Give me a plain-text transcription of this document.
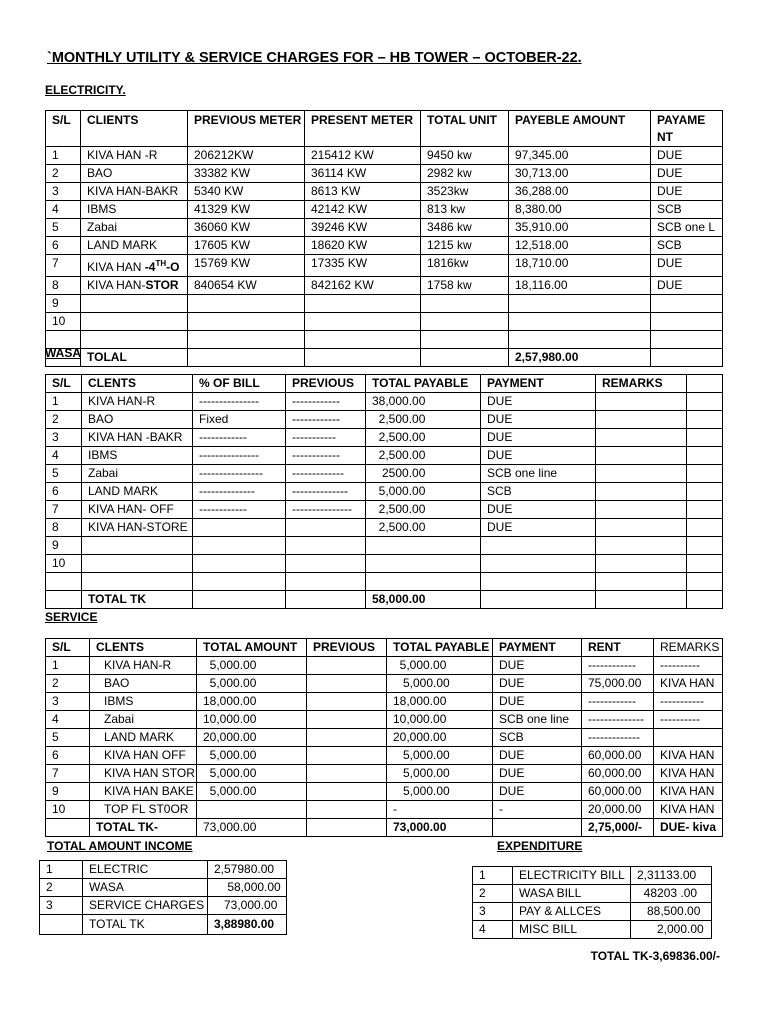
`MONTHLY UTILITY & SERVICE CHARGES FOR – HB TOWER – OCTOBER-22.
ELECTRICITY.
S/L	CLIENTS	PREVIOUS METER	PRESENT METER	TOTAL UNIT	PAYEBLE AMOUNT	PAYAME NT
1	KIVA HAN -R	206212KW	215412 KW	9450 kw	97,345.00	DUE
2	BAO	33382 KW	36114 KW	2982 kw	30,713.00	DUE
3	KIVA HAN-BAKR	5340 KW	8613 KW	3523kw	36,288.00	DUE
4	IBMS	41329 KW	42142 KW	813 kw	8,380.00	SCB
5	Zabai	36060 KW	39246 KW	3486 kw	35,910.00	SCB one L
6	LAND MARK	17605 KW	18620 KW	1215 kw	12,518.00	SCB
7	KIVA HAN -4TH-O	15769 KW	17335 KW	1816kw	18,710.00	DUE
8	KIVA HAN-STOR	840654 KW	842162 KW	1758 kw	18,116.00	DUE
9						
10						

	TOLAL				2,57,980.00	
WASA
S/L	CLENTS	% OF BILL	PREVIOUS	TOTAL PAYABLE	PAYMENT	REMARKS	
1	KIVA HAN-R	---------------	------------	38,000.00	DUE		
2	BAO	Fixed	------------	2,500.00	DUE		
3	KIVA HAN -BAKR	------------	-----------	2,500.00	DUE		
4	IBMS	---------------	------------	2,500.00	DUE		
5	Zabai	----------------	-------------	2500.00	SCB one line		
6	LAND MARK	--------------	--------------	5,000.00	SCB		
7	KIVA HAN- OFF	------------	---------------	2,500.00	DUE		
8	KIVA HAN-STORE			2,500.00	DUE		
9							
10							

	TOTAL TK			58,000.00			
SERVICE
S/L	CLENTS	TOTAL AMOUNT	PREVIOUS	TOTAL PAYABLE	PAYMENT	RENT	REMARKS
1	KIVA HAN-R	5,000.00		5,000.00	DUE	------------	----------
2	BAO	5,000.00		5,000.00	DUE	75,000.00	KIVA HAN
3	IBMS	18,000.00		18,000.00	DUE	------------	-----------
4	Zabai	10,000.00		10,000.00	SCB one line	--------------	----------
5	LAND MARK	20,000.00		20,000.00	SCB	-------------	
6	KIVA HAN OFF	5,000.00		5,000.00	DUE	60,000.00	KIVA HAN
7	KIVA HAN STOR	5,000.00		5,000.00	DUE	60,000.00	KIVA HAN
9	KIVA HAN BAKE	5,000.00		5,000.00	DUE	60,000.00	KIVA HAN
10	TOP FL ST0OR			-	-	20,000.00	KIVA HAN
	TOTAL TK-	73,000.00		73,000.00		2,75,000/-	DUE- kiva
TOTAL AMOUNT INCOME
1	ELECTRIC	2,57980.00
2	WASA	58,000.00
3	SERVICE CHARGES	73,000.00
	TOTAL TK	3,88980.00
EXPENDITURE
1	ELECTRICITY BILL	2,31133.00
2	WASA BILL	48203 .00
3	PAY & ALLCES	88,500.00
4	MISC BILL	2,000.00
TOTAL TK-3,69836.00/-
